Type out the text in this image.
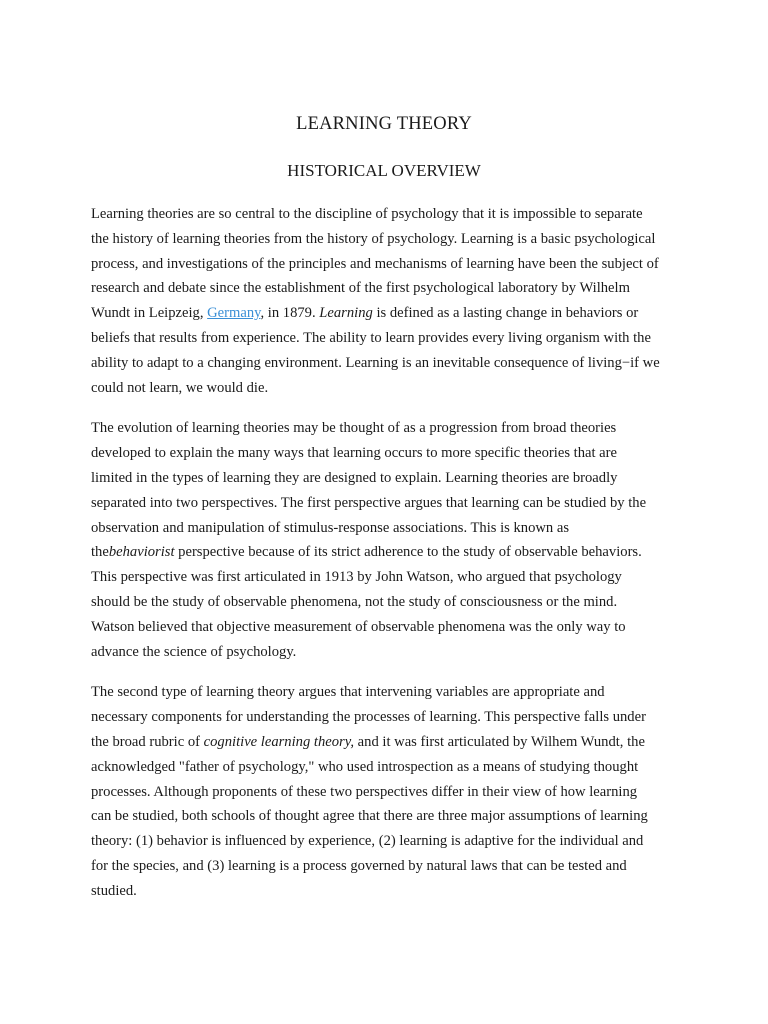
LEARNING THEORY
HISTORICAL OVERVIEW

Learning theories are so central to the discipline of psychology that it is impossible to separate
the history of learning theories from the history of psychology. Learning is a basic psychological
process, and investigations of the principles and mechanisms of learning have been the subject of
research and debate since the establishment of the first psychological laboratory by Wilhelm
Wundt in Leipzeig, Germany, in 1879. Learning is defined as a lasting change in behaviors or
beliefs that results from experience. The ability to learn provides every living organism with the
ability to adapt to a changing environment. Learning is an inevitable consequence of living−if we
could not learn, we would die.

The evolution of learning theories may be thought of as a progression from broad theories
developed to explain the many ways that learning occurs to more specific theories that are
limited in the types of learning they are designed to explain. Learning theories are broadly
separated into two perspectives. The first perspective argues that learning can be studied by the
observation and manipulation of stimulus-response associations. This is known as
thebehaviorist perspective because of its strict adherence to the study of observable behaviors.
This perspective was first articulated in 1913 by John Watson, who argued that psychology
should be the study of observable phenomena, not the study of consciousness or the mind.
Watson believed that objective measurement of observable phenomena was the only way to
advance the science of psychology.

The second type of learning theory argues that intervening variables are appropriate and
necessary components for understanding the processes of learning. This perspective falls under
the broad rubric of cognitive learning theory, and it was first articulated by Wilhem Wundt, the
acknowledged "father of psychology," who used introspection as a means of studying thought
processes. Although proponents of these two perspectives differ in their view of how learning
can be studied, both schools of thought agree that there are three major assumptions of learning
theory: (1) behavior is influenced by experience, (2) learning is adaptive for the individual and
for the species, and (3) learning is a process governed by natural laws that can be tested and
studied.
